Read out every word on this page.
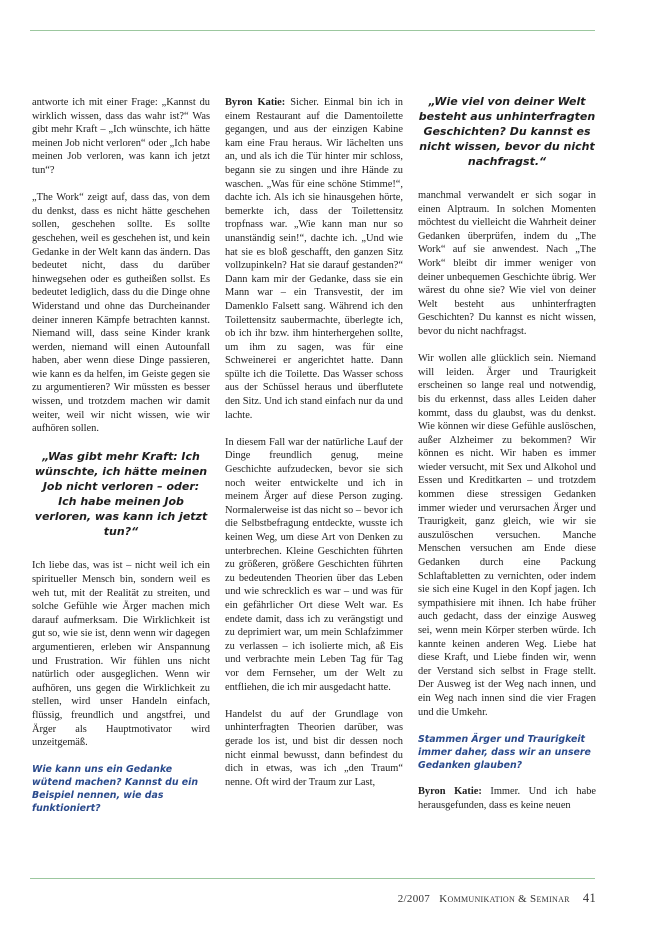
antworte ich mit einer Frage: „Kannst du wirklich wissen, dass das wahr ist?“ Was gibt mehr Kraft – „Ich wünschte, ich hätte meinen Job nicht verloren“ oder „Ich habe meinen Job verloren, was kann ich jetzt tun“?

„The Work“ zeigt auf, dass das, von dem du denkst, dass es nicht hätte geschehen sollen, geschehen sollte. Es sollte geschehen, weil es geschehen ist, und kein Gedanke in der Welt kann das ändern. Das bedeutet nicht, dass du darüber hinwegsehen oder es gutheißen sollst. Es bedeutet lediglich, dass du die Dinge ohne Widerstand und ohne das Durcheinander deiner inneren Kämpfe betrachten kannst. Niemand will, dass seine Kinder krank werden, niemand will einen Autounfall haben, aber wenn diese Dinge passieren, wie kann es da helfen, im Geiste gegen sie zu argumentieren? Wir müssten es besser wissen, und trotzdem machen wir damit weiter, weil wir nicht wissen, wie wir aufhören sollen.

„Was gibt mehr Kraft: Ich wünschte, ich hätte meinen Job nicht verloren – oder: Ich habe meinen Job verloren, was kann ich jetzt tun?“

Ich liebe das, was ist – nicht weil ich ein spiritueller Mensch bin, sondern weil es weh tut, mit der Realität zu streiten, und solche Gefühle wie Ärger machen mich darauf aufmerksam. Die Wirklichkeit ist gut so, wie sie ist, denn wenn wir dagegen argumentieren, erleben wir Anspannung und Frustration. Wir fühlen uns nicht natürlich oder ausgeglichen. Wenn wir aufhören, uns gegen die Wirklichkeit zu stellen, wird unser Handeln einfach, flüssig, freundlich und angstfrei, und Ärger als Hauptmotivator wird unzeitgemäß.

Wie kann uns ein Gedanke wütend machen? Kannst du ein Beispiel nennen, wie das funktioniert?

Byron Katie: Sicher. Einmal bin ich in einem Restaurant auf die Damentoilette gegangen, und aus der einzigen Kabine kam eine Frau heraus. Wir lächelten uns an, und als ich die Tür hinter mir schloss, begann sie zu singen und ihre Hände zu waschen. „Was für eine schöne Stimme!“, dachte ich. Als ich sie hinausgehen hörte, bemerkte ich, dass der Toilettensitz tropfnass war. „Wie kann man nur so unanständig sein!“, dachte ich. „Und wie hat sie es bloß geschafft, den ganzen Sitz vollzupinkeln? Hat sie darauf gestanden?“ Dann kam mir der Gedanke, dass sie ein Mann war – ein Transvestit, der im Damenklo Falsett sang. Während ich den Toilettensitz saubermachte, überlegte ich, ob ich ihr bzw. ihm hinterhergehen sollte, um ihm zu sagen, was für eine Schweinerei er angerichtet hatte. Dann spülte ich die Toilette. Das Wasser schoss aus der Schüssel heraus und überflutete den Sitz. Und ich stand einfach nur da und lachte.

In diesem Fall war der natürliche Lauf der Dinge freundlich genug, meine Geschichte aufzudecken, bevor sie sich noch weiter entwickelte und ich in meinem Ärger auf diese Person zuging. Normalerweise ist das nicht so – bevor ich die Selbstbefragung entdeckte, wusste ich keinen Weg, um diese Art von Denken zu unterbrechen. Kleine Geschichten führten zu größeren, größere Geschichten führten zu bedeutenden Theorien über das Leben und wie schrecklich es war – und was für ein gefährlicher Ort diese Welt war. Es endete damit, dass ich zu verängstigt und zu deprimiert war, um mein Schlafzimmer zu verlassen – ich isolierte mich, aß Eis und verbrachte mein Leben Tag für Tag vor dem Fernseher, um der Welt zu entfliehen, die ich mir ausgedacht hatte.

Handelst du auf der Grundlage von unhinterfragten Theorien darüber, was gerade los ist, und bist dir dessen noch nicht einmal bewusst, dann befindest du dich in etwas, was ich „den Traum“ nenne. Oft wird der Traum zur Last,

„Wie viel von deiner Welt besteht aus unhinterfragten Geschichten? Du kannst es nicht wissen, bevor du nicht nachfragst.“

manchmal verwandelt er sich sogar in einen Alptraum. In solchen Momenten möchtest du vielleicht die Wahrheit deiner Gedanken überprüfen, indem du „The Work“ auf sie anwendest. Nach „The Work“ bleibt dir immer weniger von deiner unbequemen Geschichte übrig. Wer wärest du ohne sie? Wie viel von deiner Welt besteht aus unhinterfragten Geschichten? Du kannst es nicht wissen, bevor du nicht nachfragst.

Wir wollen alle glücklich sein. Niemand will leiden. Ärger und Traurigkeit erscheinen so lange real und notwendig, bis du erkennst, dass alles Leiden daher kommt, dass du glaubst, was du denkst. Wie können wir diese Gefühle auslöschen, außer Alzheimer zu bekommen? Wir können es nicht. Wir haben es immer wieder versucht, mit Sex und Alkohol und Essen und Kreditkarten – und trotzdem kommen diese stressigen Gedanken immer wieder und verursachen Ärger und Traurigkeit, ganz gleich, wie wir sie auszulöschen versuchen. Manche Menschen versuchen am Ende diese Gedanken durch eine Packung Schlaftabletten zu vernichten, oder indem sie sich eine Kugel in den Kopf jagen. Ich sympathisiere mit ihnen. Ich habe früher auch gedacht, dass der einzige Ausweg sei, wenn mein Körper sterben würde. Ich kannte keinen anderen Weg. Liebe hat diese Kraft, und Liebe finden wir, wenn der Verstand sich selbst in Frage stellt. Der Ausweg ist der Weg nach innen, und ein Weg nach innen sind die vier Fragen und die Umkehr.

Stammen Ärger und Traurigkeit immer daher, dass wir an unsere Gedanken glauben?

Byron Katie: Immer. Und ich habe herausgefunden, dass es keine neuen

2/2007 Kommunikation & Seminar 41
